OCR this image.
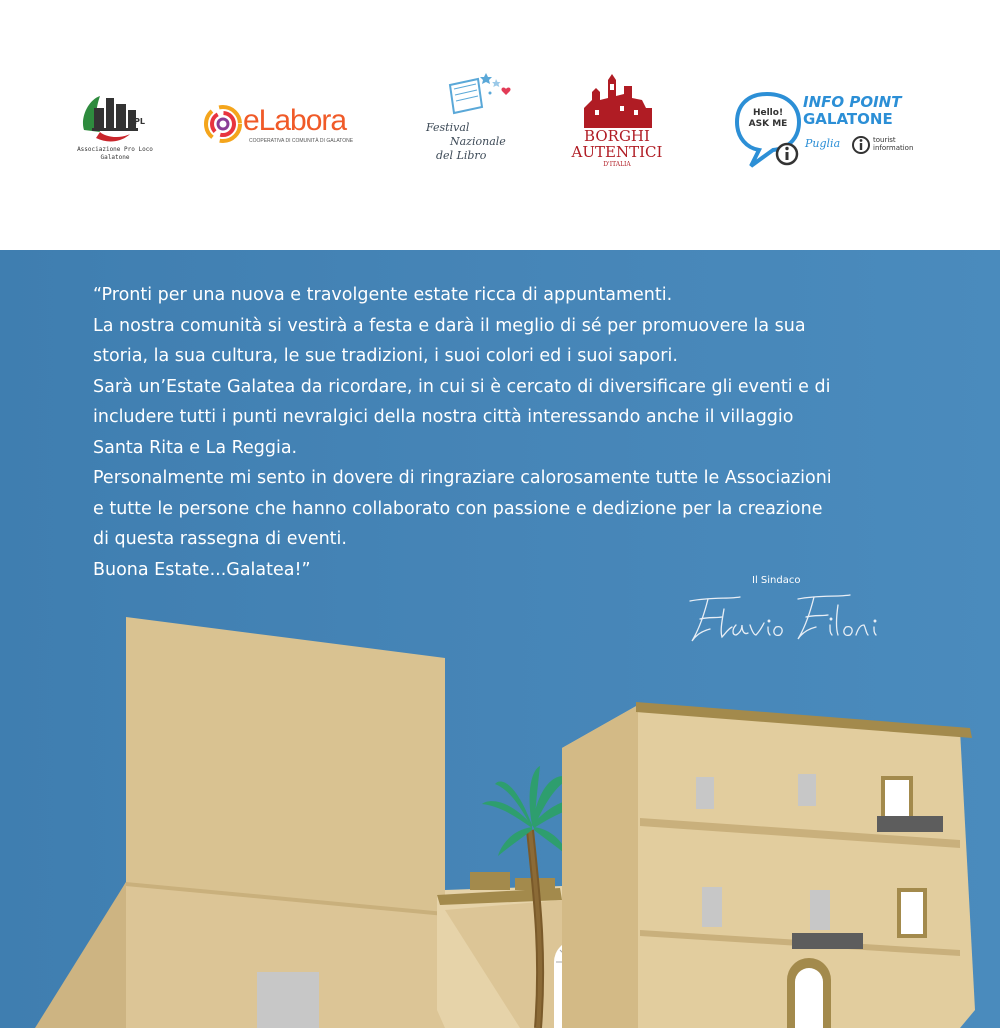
PL
Associazione Pro Loco
Galatone
eLabora
COOPERATIVA DI COMUNITÀ DI GALATONE
Festival
Nazionale
del Libro
BORGHI
AUTENTICI
D'ITALIA
Hello!
ASK ME
INFO POINT
GALATONE
Puglia	tourist
information

“Pronti per una nuova e travolgente estate ricca di appuntamenti.
La nostra comunità si vestirà a festa e darà il meglio di sé per promuovere la sua
storia, la sua cultura, le sue tradizioni, i suoi colori ed i suoi sapori.
Sarà un’Estate Galatea da ricordare, in cui si è cercato di diversificare gli eventi e di
includere tutti i punti nevralgici della nostra città interessando anche il villaggio
Santa Rita e La Reggia.
Personalmente mi sento in dovere di ringraziare calorosamente tutte le Associazioni
e tutte le persone che hanno collaborato con passione e dedizione per la creazione
di questa rassegna di eventi.
Buona Estate...Galatea!”

Il Sindaco
Flavio Filoni
